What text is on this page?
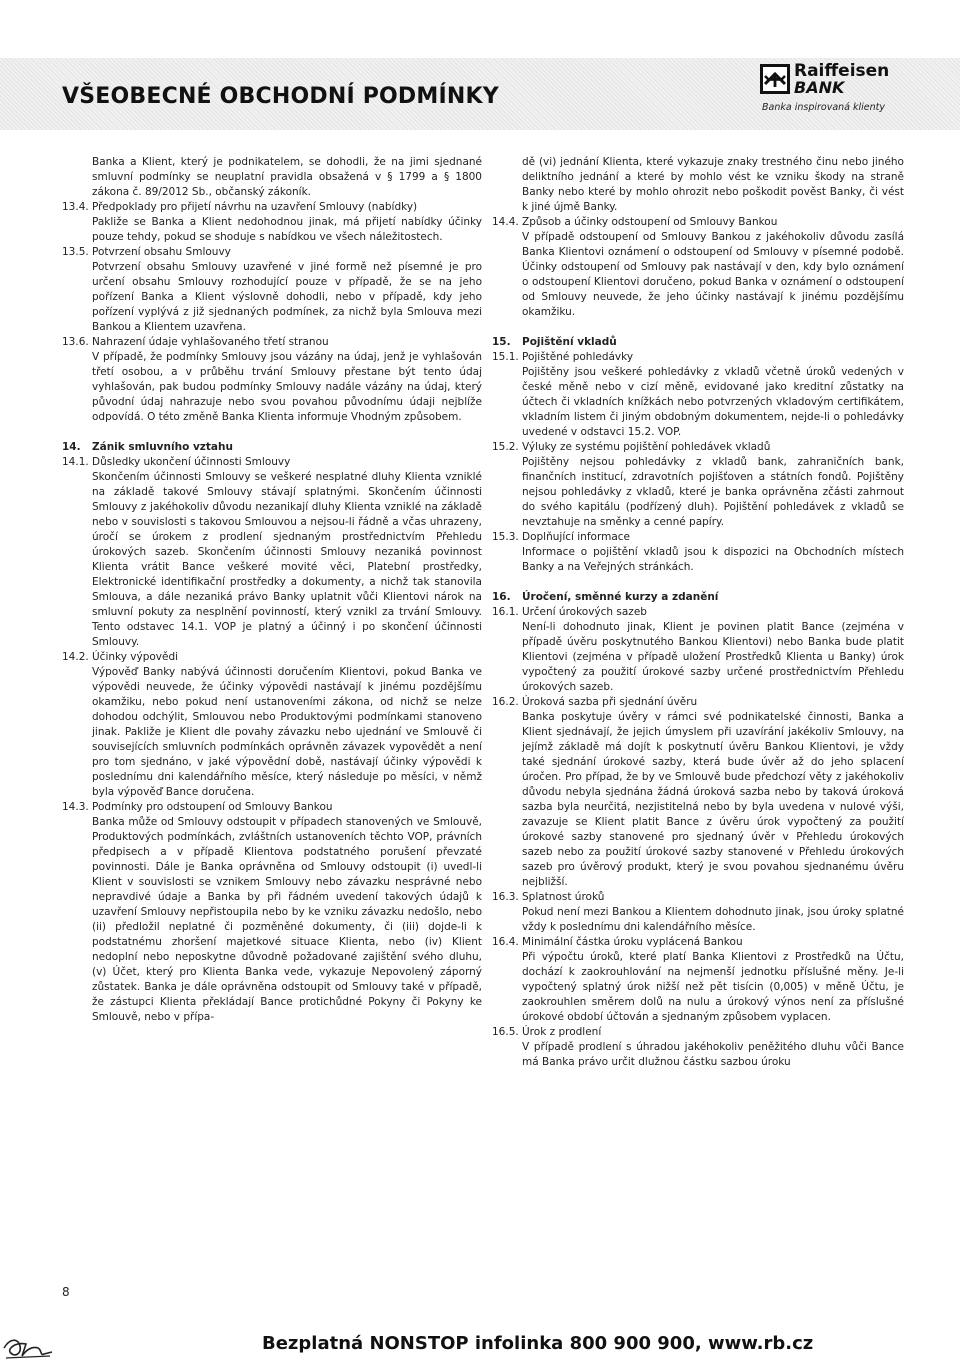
VŠEOBECNÉ OBCHODNÍ PODMÍNKY
Raiffeisen
BANK
Banka inspirovaná klienty
Banka a Klient, který je podnikatelem, se dohodli, že na jimi sjednané smluvní podmínky se neuplatní pravidla obsažená v § 1799 a § 1800 zákona č. 89/2012 Sb., občanský zákoník.
13.4. Předpoklady pro přijetí návrhu na uzavření Smlouvy (nabídky)
Pakliže se Banka a Klient nedohodnou jinak, má přijetí nabídky účinky pouze tehdy, pokud se shoduje s nabídkou ve všech náležitostech.
13.5. Potvrzení obsahu Smlouvy
Potvrzení obsahu Smlouvy uzavřené v jiné formě než písemné je pro určení obsahu Smlouvy rozhodující pouze v případě, že se na jeho pořízení Banka a Klient výslovně dohodli, nebo v případě, kdy jeho pořízení vyplývá z již sjednaných podmínek, za nichž byla Smlouva mezi Bankou a Klientem uzavřena.
13.6. Nahrazení údaje vyhlašovaného třetí stranou
V případě, že podmínky Smlouvy jsou vázány na údaj, jenž je vyhlašován třetí osobou, a v průběhu trvání Smlouvy přestane být tento údaj vyhlašován, pak budou podmínky Smlouvy nadále vázány na údaj, který původní údaj nahrazuje nebo svou povahou původnímu údaji nejblíže odpovídá. O této změně Banka Klienta informuje Vhodným způsobem.
14. Zánik smluvního vztahu
14.1. Důsledky ukončení účinnosti Smlouvy
Skončením účinnosti Smlouvy se veškeré nesplatné dluhy Klienta vzniklé na základě takové Smlouvy stávají splatnými. Skončením účinnosti Smlouvy z jakéhokoliv důvodu nezanikají dluhy Klienta vzniklé na základě nebo v souvislosti s takovou Smlouvou a nejsou-li řádně a včas uhrazeny, úročí se úrokem z prodlení sjednaným prostřednictvím Přehledu úrokových sazeb. Skončením účinnosti Smlouvy nezaniká povinnost Klienta vrátit Bance veškeré movité věci, Platební prostředky, Elektronické identifikační prostředky a dokumenty, a nichž tak stanovila Smlouva, a dále nezaniká právo Banky uplatnit vůči Klientovi nárok na smluvní pokuty za nesplnění povinností, který vznikl za trvání Smlouvy. Tento odstavec 14.1. VOP je platný a účinný i po skončení účinnosti Smlouvy.
14.2. Účinky výpovědi
Výpověď Banky nabývá účinnosti doručením Klientovi, pokud Banka ve výpovědi neuvede, že účinky výpovědi nastávají k jinému pozdějšímu okamžiku, nebo pokud není ustanoveními zákona, od nichž se nelze dohodou odchýlit, Smlouvou nebo Produktovými podmínkami stanoveno jinak. Pakliže je Klient dle povahy závazku nebo ujednání ve Smlouvě či souvisejících smluvních podmínkách oprávněn závazek vypovědět a není pro tom sjednáno, v jaké výpovědní době, nastávají účinky výpovědi k poslednímu dni kalendářního měsíce, který následuje po měsíci, v němž byla výpověď Bance doručena.
14.3. Podmínky pro odstoupení od Smlouvy Bankou
Banka může od Smlouvy odstoupit v případech stanovených ve Smlouvě, Produktových podmínkách, zvláštních ustanoveních těchto VOP, právních předpisech a v případě Klientova podstatného porušení převzaté povinnosti. Dále je Banka oprávněna od Smlouvy odstoupit (i) uvedl-li Klient v souvislosti se vznikem Smlouvy nebo závazku nesprávné nebo nepravdivé údaje a Banka by při řádném uvedení takových údajů k uzavření Smlouvy nepřistoupila nebo by ke vzniku závazku nedošlo, nebo (ii) předložil neplatné či pozměněné dokumenty, či (iii) dojde-li k podstatnému zhoršení majetkové situace Klienta, nebo (iv) Klient nedoplní nebo neposkytne důvodně požadované zajištění svého dluhu, (v) Účet, který pro Klienta Banka vede, vykazuje Nepovolený záporný zůstatek. Banka je dále oprávněna odstoupit od Smlouvy také v případě, že zástupci Klienta překládají Bance protichůdné Pokyny či Pokyny ke Smlouvě, nebo v přípa-
dě (vi) jednání Klienta, které vykazuje znaky trestného činu nebo jiného deliktního jednání a které by mohlo vést ke vzniku škody na straně Banky nebo které by mohlo ohrozit nebo poškodit pověst Banky, či vést k jiné újmě Banky.
14.4. Způsob a účinky odstoupení od Smlouvy Bankou
V případě odstoupení od Smlouvy Bankou z jakéhokoliv důvodu zasílá Banka Klientovi oznámení o odstoupení od Smlouvy v písemné podobě. Účinky odstoupení od Smlouvy pak nastávají v den, kdy bylo oznámení o odstoupení Klientovi doručeno, pokud Banka v oznámení o odstoupení od Smlouvy neuvede, že jeho účinky nastávají k jinému pozdějšímu okamžiku.
15. Pojištění vkladů
15.1. Pojištěné pohledávky
Pojištěny jsou veškeré pohledávky z vkladů včetně úroků vedených v české měně nebo v cizí měně, evidované jako kreditní zůstatky na účtech či vkladních knížkách nebo potvrzených vkladovým certifikátem, vkladním listem či jiným obdobným dokumentem, nejde-li o pohledávky uvedené v odstavci 15.2. VOP.
15.2. Výluky ze systému pojištění pohledávek vkladů
Pojištěny nejsou pohledávky z vkladů bank, zahraničních bank, finančních institucí, zdravotních pojišťoven a státních fondů. Pojištěny nejsou pohledávky z vkladů, které je banka oprávněna zčásti zahrnout do svého kapitálu (podřízený dluh). Pojištění pohledávek z vkladů se nevztahuje na směnky a cenné papíry.
15.3. Doplňující informace
Informace o pojištění vkladů jsou k dispozici na Obchodních místech Banky a na Veřejných stránkách.
16. Úročení, směnné kurzy a zdanění
16.1. Určení úrokových sazeb
Není-li dohodnuto jinak, Klient je povinen platit Bance (zejména v případě úvěru poskytnutého Bankou Klientovi) nebo Banka bude platit Klientovi (zejména v případě uložení Prostředků Klienta u Banky) úrok vypočtený za použití úrokové sazby určené prostřednictvím Přehledu úrokových sazeb.
16.2. Úroková sazba při sjednání úvěru
Banka poskytuje úvěry v rámci své podnikatelské činnosti, Banka a Klient sjednávají, že jejich úmyslem při uzavírání jakékoliv Smlouvy, na jejímž základě má dojít k poskytnutí úvěru Bankou Klientovi, je vždy také sjednání úrokové sazby, která bude úvěr až do jeho splacení úročen. Pro případ, že by ve Smlouvě bude předchozí věty z jakéhokoliv důvodu nebyla sjednána žádná úroková sazba nebo by taková úroková sazba byla neurčitá, nezjistitelná nebo by byla uvedena v nulové výši, zavazuje se Klient platit Bance z úvěru úrok vypočtený za použití úrokové sazby stanovené pro sjednaný úvěr v Přehledu úrokových sazeb nebo za použití úrokové sazby stanovené v Přehledu úrokových sazeb pro úvěrový produkt, který je svou povahou sjednanému úvěru nejbližší.
16.3. Splatnost úroků
Pokud není mezi Bankou a Klientem dohodnuto jinak, jsou úroky splatné vždy k poslednímu dni kalendářního měsíce.
16.4. Minimální částka úroku vyplácená Bankou
Při výpočtu úroků, které platí Banka Klientovi z Prostředků na Účtu, dochází k zaokrouhlování na nejmenší jednotku příslušné měny. Je-li vypočtený splatný úrok nižší než pět tisícin (0,005) v měně Účtu, je zaokrouhlen směrem dolů na nulu a úrokový výnos není za příslušné úrokové období účtován a sjednaným způsobem vyplacen.
16.5. Úrok z prodlení
V případě prodlení s úhradou jakéhokoliv peněžitého dluhu vůči Bance má Banka právo určit dlužnou částku sazbou úroku
8
Bezplatná NONSTOP infolinka 800 900 900, www.rb.cz
